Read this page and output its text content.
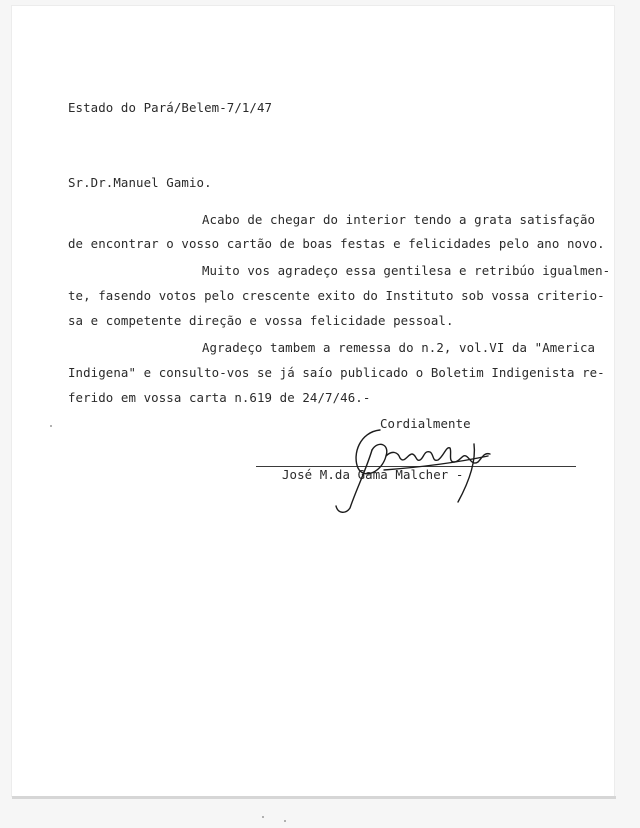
Estado do Pará/Belem-7/1/47
Sr.Dr.Manuel Gamio.
Acabo de chegar do interior tendo a grata satisfação
de encontrar o vosso cartão de boas festas e felicidades pelo ano novo.
Muito vos agradeço essa gentilesa e retribúo igualmen-
te, fasendo votos pelo crescente exito do Instituto sob vossa criterio-
sa e competente direção e vossa felicidade pessoal.
Agradeço tambem a remessa do n.2, vol.VI da "America
Indigena" e consulto-vos se já saío publicado o Boletim Indigenista re-
ferido em vossa carta n.619 de 24/7/46.-
Cordialmente
José M.da Gama Malcher -
